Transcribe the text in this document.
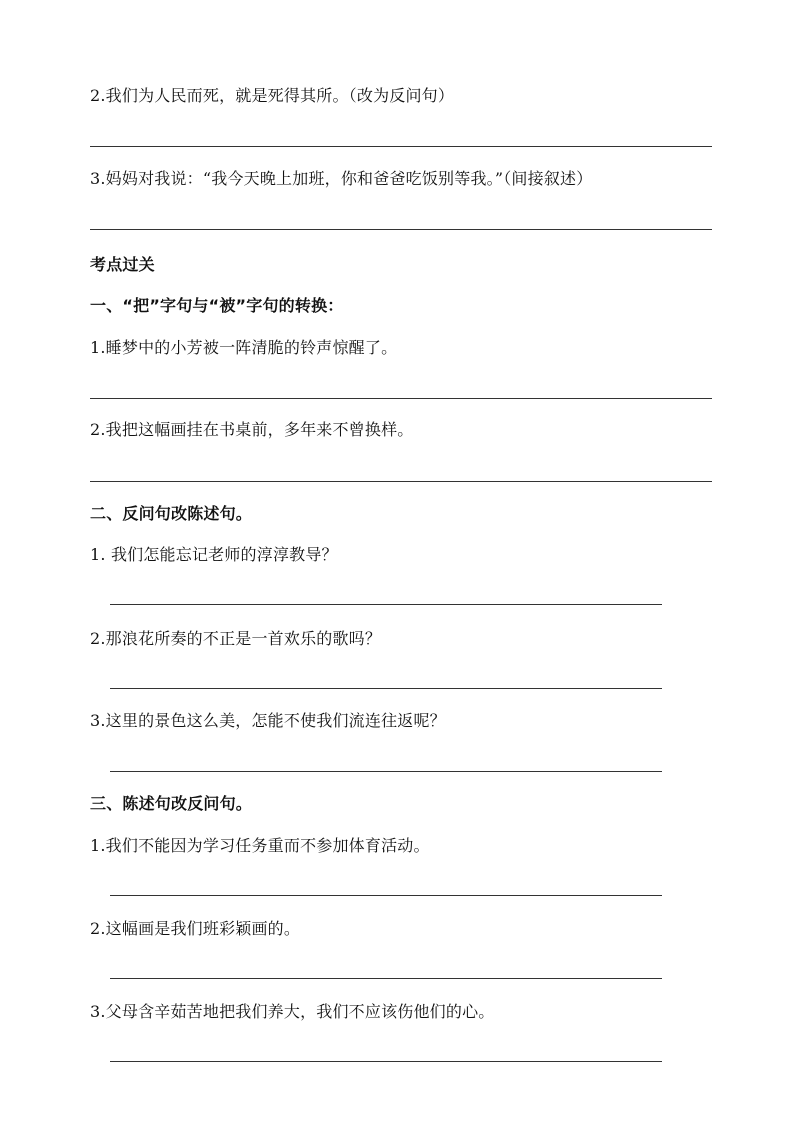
2.我们为人民而死，就是死得其所。（改为反问句）
3.妈妈对我说：“我今天晚上加班，你和爸爸吃饭别等我。”（间接叙述）
考点过关
一、“把”字句与“被”字句的转换：
1.睡梦中的小芳被一阵清脆的铃声惊醒了。
2.我把这幅画挂在书桌前，多年来不曾换样。
二、反问句改陈述句。
1. 我们怎能忘记老师的淳淳教导？
2.那浪花所奏的不正是一首欢乐的歌吗？
3.这里的景色这么美，怎能不使我们流连往返呢？
三、陈述句改反问句。
1.我们不能因为学习任务重而不参加体育活动。
2.这幅画是我们班彩颖画的。
3.父母含辛茹苦地把我们养大，我们不应该伤他们的心。
